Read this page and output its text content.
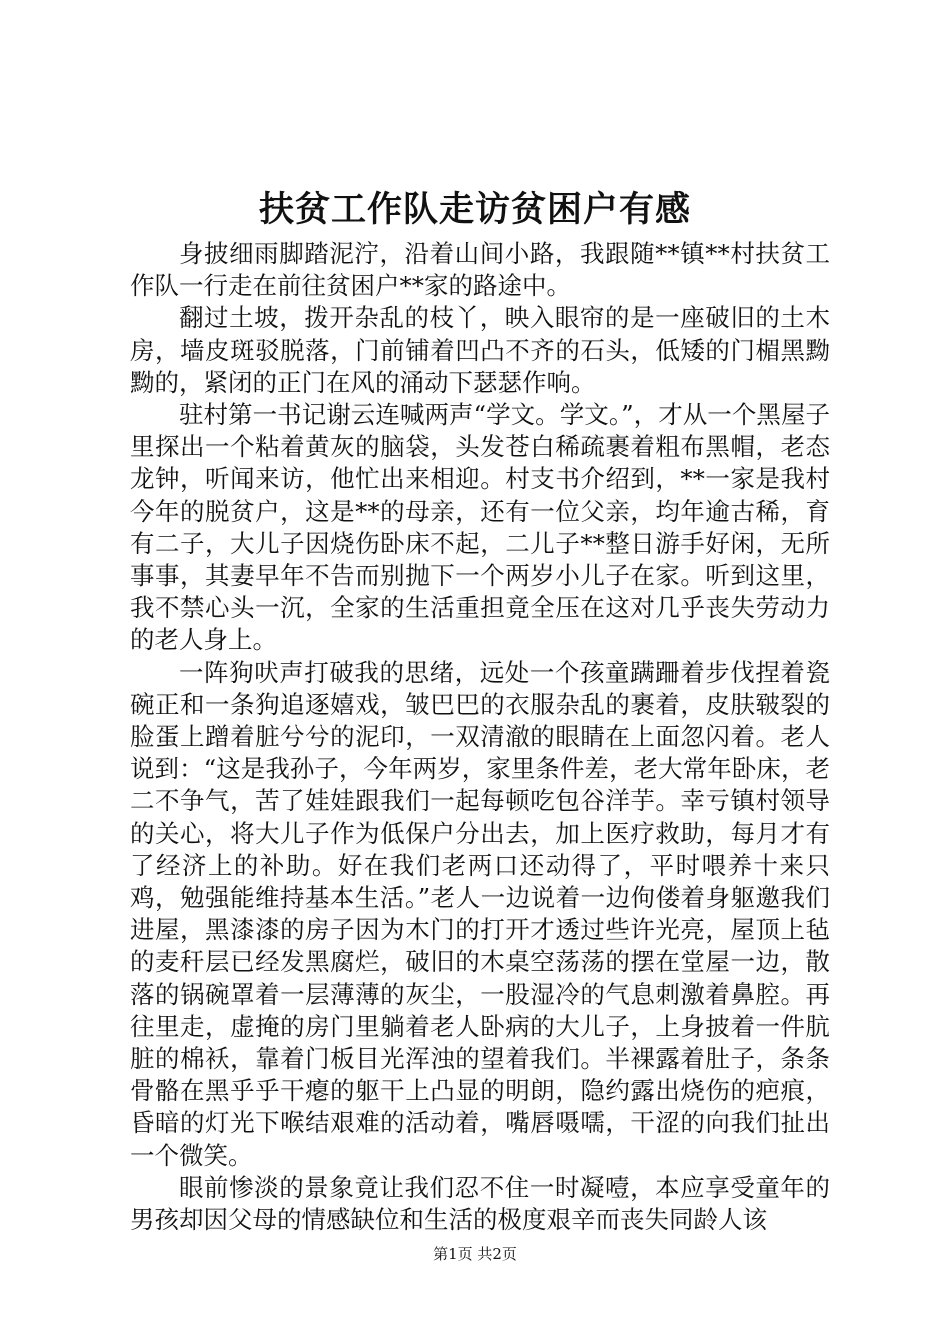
扶贫工作队走访贫困户有感

身披细雨脚踏泥泞，沿着山间小路，我跟随**镇**村扶贫工作队一行走在前往贫困户**家的路途中。

翻过土坡，拨开杂乱的枝丫，映入眼帘的是一座破旧的土木房，墙皮斑驳脱落，门前铺着凹凸不齐的石头，低矮的门楣黑黝黝的，紧闭的正门在风的涌动下瑟瑟作响。

驻村第一书记谢云连喊两声“学文。学文。”，才从一个黑屋子里探出一个粘着黄灰的脑袋，头发苍白稀疏裹着粗布黑帽，老态龙钟，听闻来访，他忙出来相迎。村支书介绍到，**一家是我村今年的脱贫户，这是**的母亲，还有一位父亲，均年逾古稀，育有二子，大儿子因烧伤卧床不起，二儿子**整日游手好闲，无所事事，其妻早年不告而别抛下一个两岁小儿子在家。听到这里，我不禁心头一沉，全家的生活重担竟全压在这对几乎丧失劳动力的老人身上。

一阵狗吠声打破我的思绪，远处一个孩童蹒跚着步伐捏着瓷碗正和一条狗追逐嬉戏，皱巴巴的衣服杂乱的裹着，皮肤皲裂的脸蛋上蹭着脏兮兮的泥印，一双清澈的眼睛在上面忽闪着。老人说到：“这是我孙子，今年两岁，家里条件差，老大常年卧床，老二不争气，苦了娃娃跟我们一起每顿吃包谷洋芋。幸亏镇村领导的关心，将大儿子作为低保户分出去，加上医疗救助，每月才有了经济上的补助。好在我们老两口还动得了，平时喂养十来只鸡，勉强能维持基本生活。”老人一边说着一边佝偻着身躯邀我们进屋，黑漆漆的房子因为木门的打开才透过些许光亮，屋顶上毡的麦秆层已经发黑腐烂，破旧的木桌空荡荡的摆在堂屋一边，散落的锅碗罩着一层薄薄的灰尘，一股湿冷的气息刺激着鼻腔。再往里走，虚掩的房门里躺着老人卧病的大儿子，上身披着一件肮脏的棉袄，靠着门板目光浑浊的望着我们。半裸露着肚子，条条骨骼在黑乎乎干瘪的躯干上凸显的明朗，隐约露出烧伤的疤痕，昏暗的灯光下喉结艰难的活动着，嘴唇嗫嚅，干涩的向我们扯出一个微笑。

眼前惨淡的景象竟让我们忍不住一时凝噎，本应享受童年的男孩却因父母的情感缺位和生活的极度艰辛而丧失同龄人该

第1页 共2页
